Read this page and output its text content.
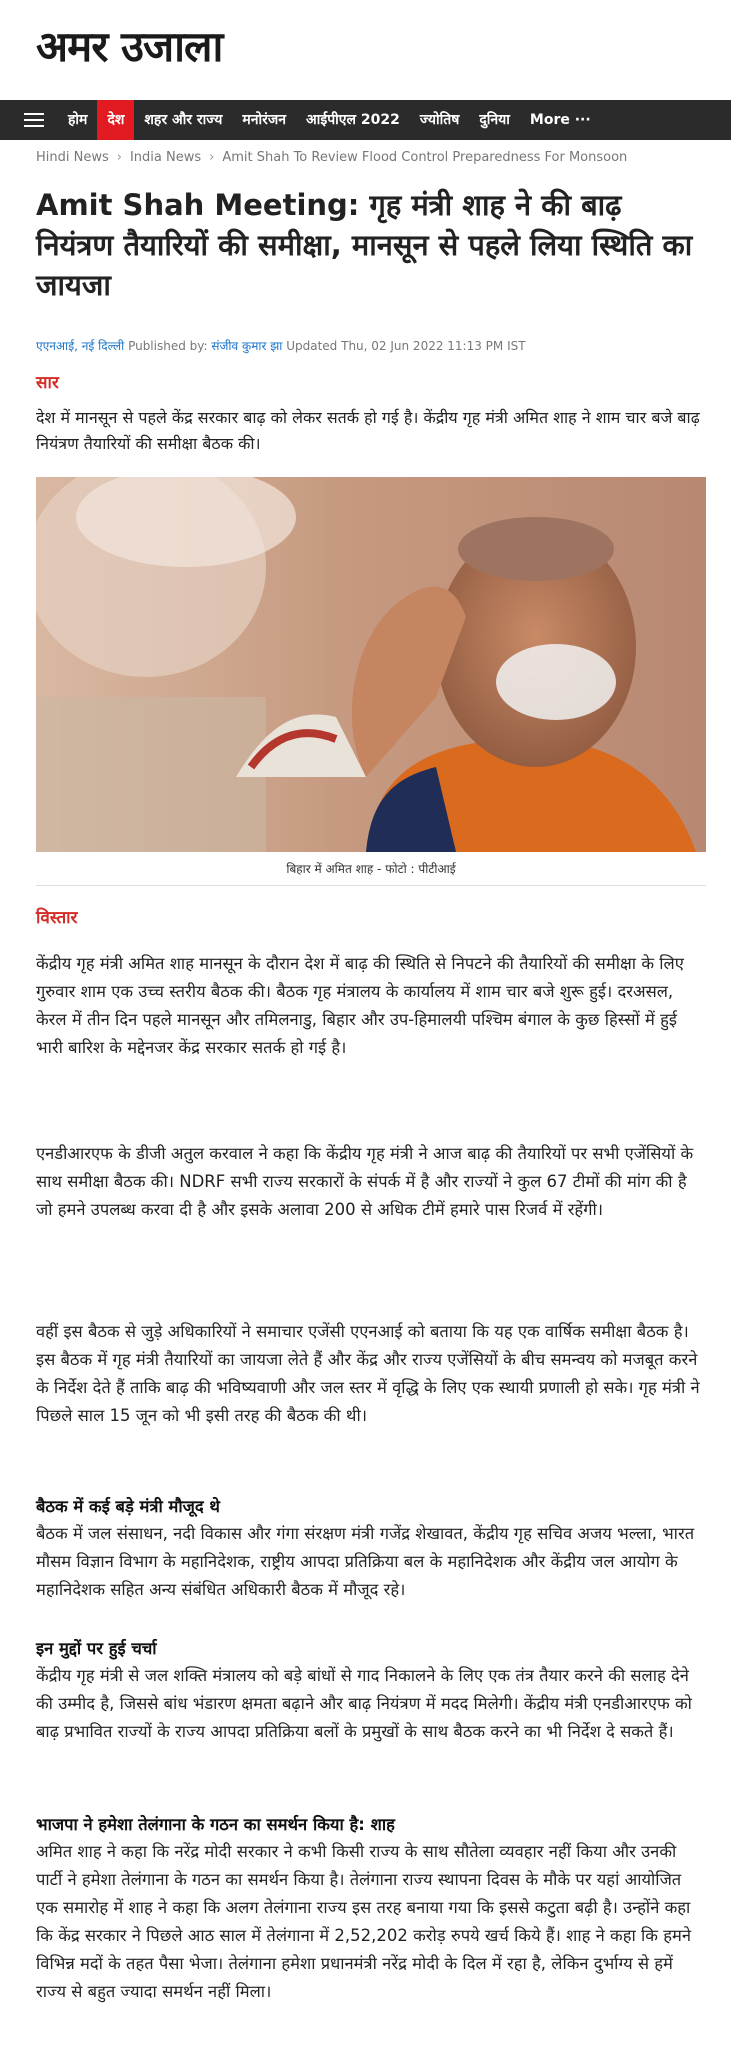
अमर उजाला
होम	देश	शहर और राज्य	मनोरंजन	आईपीएल 2022	ज्योतिष	दुनिया	More ···
Hindi News › India News › Amit Shah To Review Flood Control Preparedness For Monsoon
Amit Shah Meeting: गृह मंत्री शाह ने की बाढ़ नियंत्रण तैयारियों की समीक्षा, मानसून से पहले लिया स्थिति का जायजा
एएनआई, नई दिल्ली Published by: संजीव कुमार झा Updated Thu, 02 Jun 2022 11:13 PM IST
सार

देश में मानसून से पहले केंद्र सरकार बाढ़ को लेकर सतर्क हो गई है। केंद्रीय गृह मंत्री अमित शाह ने शाम चार बजे बाढ़ नियंत्रण तैयारियों की समीक्षा बैठक की।

बिहार में अमित शाह - फोटो : पीटीआई
विस्तार

केंद्रीय गृह मंत्री अमित शाह मानसून के दौरान देश में बाढ़ की स्थिति से निपटने की तैयारियों की समीक्षा के लिए गुरुवार शाम एक उच्च स्तरीय बैठक की। बैठक गृह मंत्रालय के कार्यालय में शाम चार बजे शुरू हुई। दरअसल, केरल में तीन दिन पहले मानसून और तमिलनाडु, बिहार और उप-हिमालयी पश्चिम बंगाल के कुछ हिस्सों में हुई भारी बारिश के मद्देनजर केंद्र सरकार सतर्क हो गई है।

एनडीआरएफ के डीजी अतुल करवाल ने कहा कि केंद्रीय गृह मंत्री ने आज बाढ़ की तैयारियों पर सभी एजेंसियों के साथ समीक्षा बैठक की। NDRF सभी राज्य सरकारों के संपर्क में है और राज्यों ने कुल 67 टीमों की मांग की है जो हमने उपलब्ध करवा दी है और इसके अलावा 200 से अधिक टीमें हमारे पास रिजर्व में रहेंगी।

वहीं इस बैठक से जुड़े अधिकारियों ने समाचार एजेंसी एएनआई को बताया कि यह एक वार्षिक समीक्षा बैठक है। इस बैठक में गृह मंत्री तैयारियों का जायजा लेते हैं और केंद्र और राज्य एजेंसियों के बीच समन्वय को मजबूत करने के निर्देश देते हैं ताकि बाढ़ की भविष्यवाणी और जल स्तर में वृद्धि के लिए एक स्थायी प्रणाली हो सके। गृह मंत्री ने पिछले साल 15 जून को भी इसी तरह की बैठक की थी।

बैठक में कई बड़े मंत्री मौजूद थे

बैठक में जल संसाधन, नदी विकास और गंगा संरक्षण मंत्री गजेंद्र शेखावत, केंद्रीय गृह सचिव अजय भल्ला, भारत मौसम विज्ञान विभाग के महानिदेशक, राष्ट्रीय आपदा प्रतिक्रिया बल के महानिदेशक और केंद्रीय जल आयोग के महानिदेशक सहित अन्य संबंधित अधिकारी बैठक में मौजूद रहे।

इन मुद्दों पर हुई चर्चा

केंद्रीय गृह मंत्री से जल शक्ति मंत्रालय को बड़े बांधों से गाद निकालने के लिए एक तंत्र तैयार करने की सलाह देने की उम्मीद है, जिससे बांध भंडारण क्षमता बढ़ाने और बाढ़ नियंत्रण में मदद मिलेगी। केंद्रीय मंत्री एनडीआरएफ को बाढ़ प्रभावित राज्यों के राज्य आपदा प्रतिक्रिया बलों के प्रमुखों के साथ बैठक करने का भी निर्देश दे सकते हैं।

भाजपा ने हमेशा तेलंगाना के गठन का समर्थन किया है: शाह

अमित शाह ने कहा कि नरेंद्र मोदी सरकार ने कभी किसी राज्य के साथ सौतेला व्यवहार नहीं किया और उनकी पार्टी ने हमेशा तेलंगाना के गठन का समर्थन किया है। तेलंगाना राज्य स्थापना दिवस के मौके पर यहां आयोजित एक समारोह में शाह ने कहा कि अलग तेलंगाना राज्य इस तरह बनाया गया कि इससे कटुता बढ़ी है। उन्होंने कहा कि केंद्र सरकार ने पिछले आठ साल में तेलंगाना में 2,52,202 करोड़ रुपये खर्च किये हैं। शाह ने कहा कि हमने विभिन्न मदों के तहत पैसा भेजा। तेलंगाना हमेशा प्रधानमंत्री नरेंद्र मोदी के दिल में रहा है, लेकिन दुर्भाग्य से हमें राज्य से बहुत ज्यादा समर्थन नहीं मिला।
